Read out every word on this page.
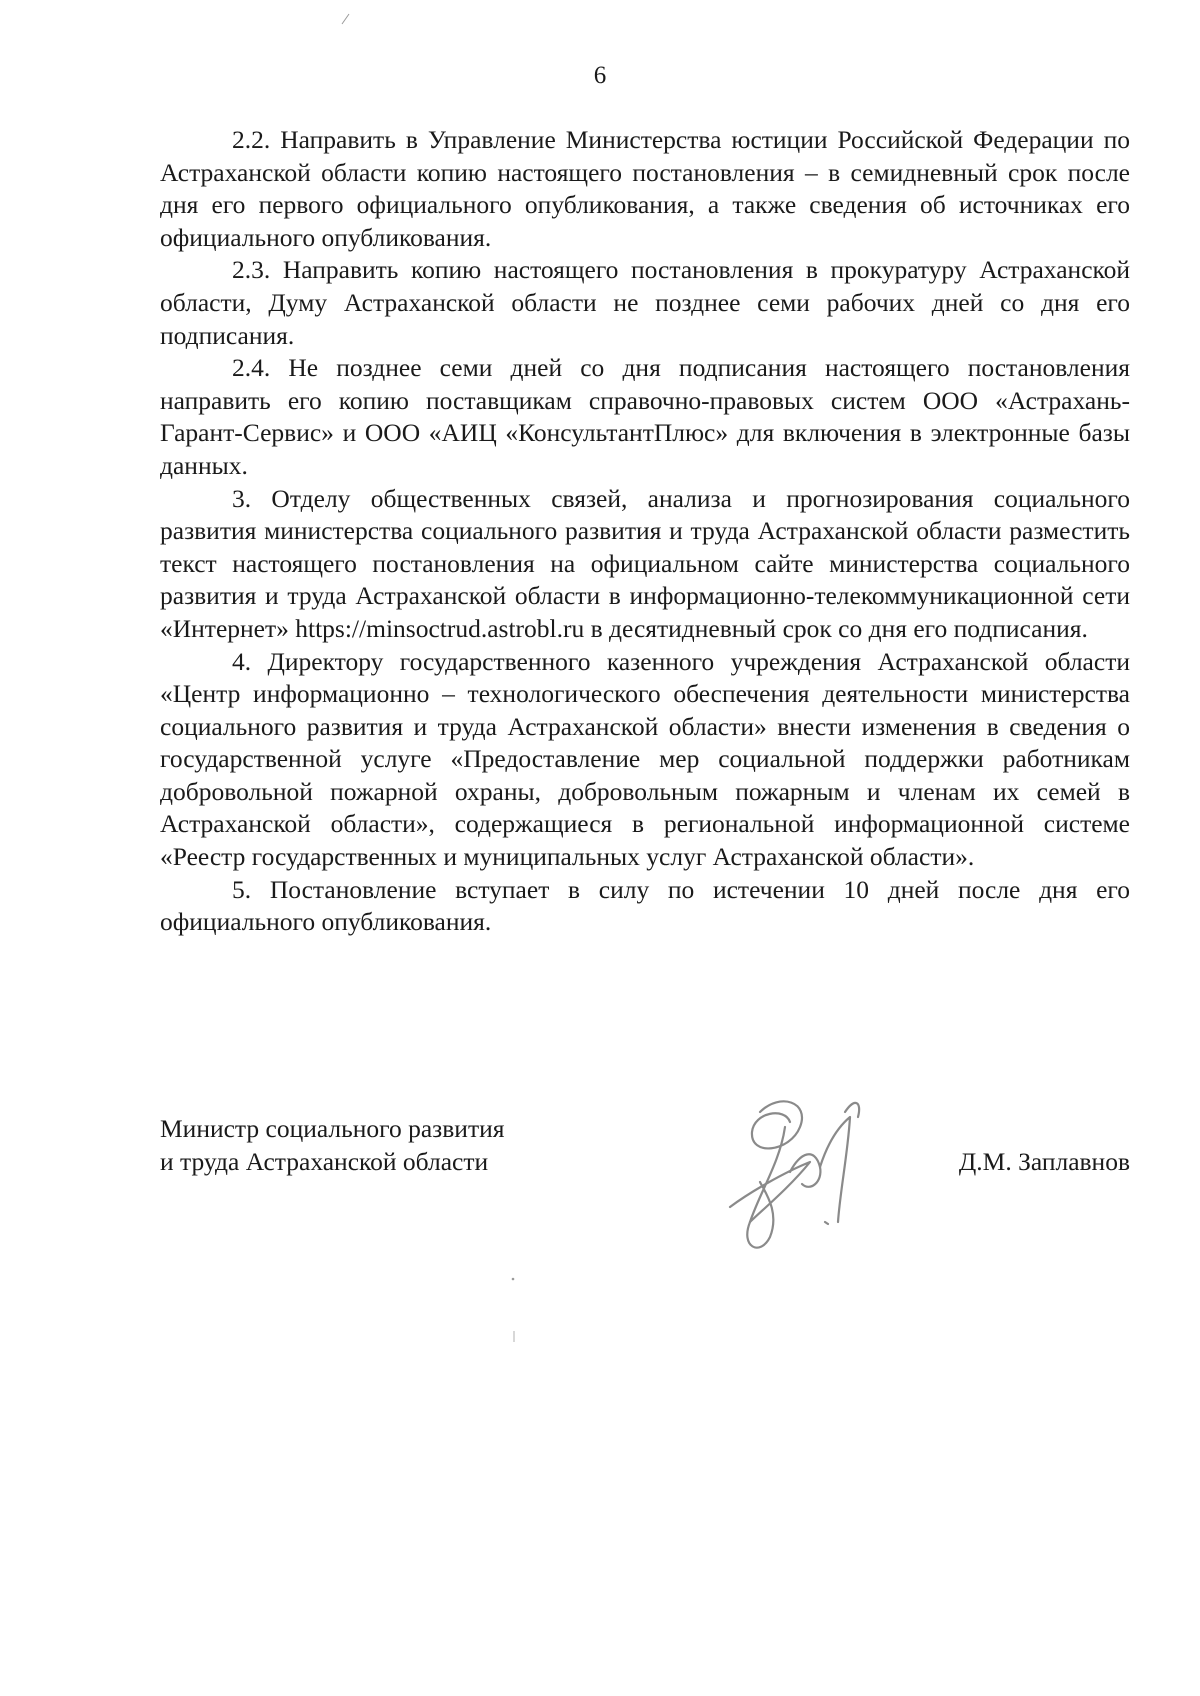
6

2.2. Направить в Управление Министерства юстиции Российской Федерации по Астраханской области копию настоящего постановления – в семидневный срок после дня его первого официального опубликования, а также сведения об источниках его официального опубликования.

2.3. Направить копию настоящего постановления в прокуратуру Астраханской области, Думу Астраханской области не позднее семи рабочих дней со дня его подписания.

2.4. Не позднее семи дней со дня подписания настоящего постановления направить его копию поставщикам справочно-правовых систем ООО «Астрахань-Гарант-Сервис» и ООО «АИЦ «КонсультантПлюс» для включения в электронные базы данных.

3. Отделу общественных связей, анализа и прогнозирования социального развития министерства социального развития и труда Астраханской области разместить текст настоящего постановления на официальном сайте министерства социального развития и труда Астраханской области в информационно-телекоммуникационной сети «Интернет» https://minsoctrud.astrobl.ru в десятидневный срок со дня его подписания.

4. Директору государственного казенного учреждения Астраханской области «Центр информационно – технологического обеспечения деятельности министерства социального развития и труда Астраханской области» внести изменения в сведения о государственной услуге «Предоставление мер социальной поддержки работникам добровольной пожарной охраны, добровольным пожарным и членам их семей в Астраханской области», содержащиеся в региональной информационной системе «Реестр государственных и муниципальных услуг Астраханской области».

5. Постановление вступает в силу по истечении 10 дней после дня его официального опубликования.

Министр социального развития
и труда Астраханской области	Д.М. Заплавнов
